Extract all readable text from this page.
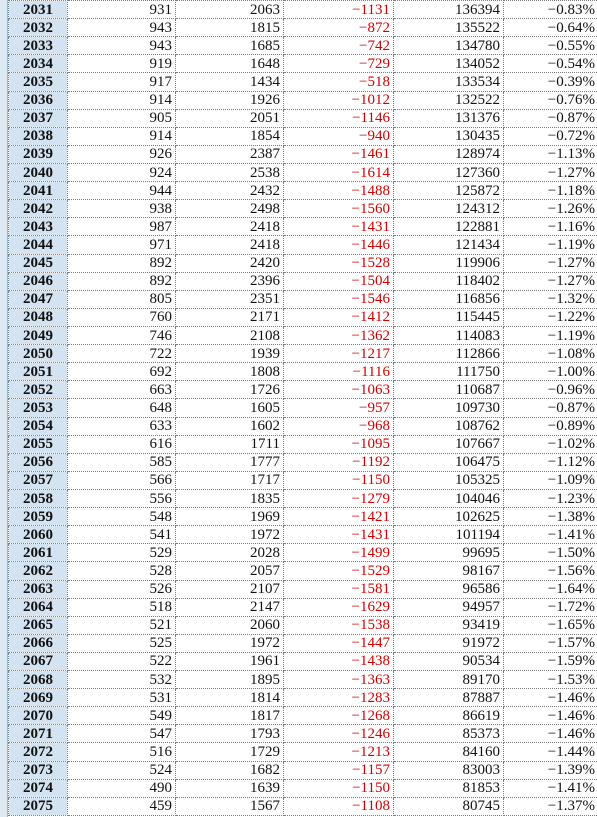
2031	931	2063	−1131	136394	−0.83%
2032	943	1815	−872	135522	−0.64%
2033	943	1685	−742	134780	−0.55%
2034	919	1648	−729	134052	−0.54%
2035	917	1434	−518	133534	−0.39%
2036	914	1926	−1012	132522	−0.76%
2037	905	2051	−1146	131376	−0.87%
2038	914	1854	−940	130435	−0.72%
2039	926	2387	−1461	128974	−1.13%
2040	924	2538	−1614	127360	−1.27%
2041	944	2432	−1488	125872	−1.18%
2042	938	2498	−1560	124312	−1.26%
2043	987	2418	−1431	122881	−1.16%
2044	971	2418	−1446	121434	−1.19%
2045	892	2420	−1528	119906	−1.27%
2046	892	2396	−1504	118402	−1.27%
2047	805	2351	−1546	116856	−1.32%
2048	760	2171	−1412	115445	−1.22%
2049	746	2108	−1362	114083	−1.19%
2050	722	1939	−1217	112866	−1.08%
2051	692	1808	−1116	111750	−1.00%
2052	663	1726	−1063	110687	−0.96%
2053	648	1605	−957	109730	−0.87%
2054	633	1602	−968	108762	−0.89%
2055	616	1711	−1095	107667	−1.02%
2056	585	1777	−1192	106475	−1.12%
2057	566	1717	−1150	105325	−1.09%
2058	556	1835	−1279	104046	−1.23%
2059	548	1969	−1421	102625	−1.38%
2060	541	1972	−1431	101194	−1.41%
2061	529	2028	−1499	99695	−1.50%
2062	528	2057	−1529	98167	−1.56%
2063	526	2107	−1581	96586	−1.64%
2064	518	2147	−1629	94957	−1.72%
2065	521	2060	−1538	93419	−1.65%
2066	525	1972	−1447	91972	−1.57%
2067	522	1961	−1438	90534	−1.59%
2068	532	1895	−1363	89170	−1.53%
2069	531	1814	−1283	87887	−1.46%
2070	549	1817	−1268	86619	−1.46%
2071	547	1793	−1246	85373	−1.46%
2072	516	1729	−1213	84160	−1.44%
2073	524	1682	−1157	83003	−1.39%
2074	490	1639	−1150	81853	−1.41%
2075	459	1567	−1108	80745	−1.37%
